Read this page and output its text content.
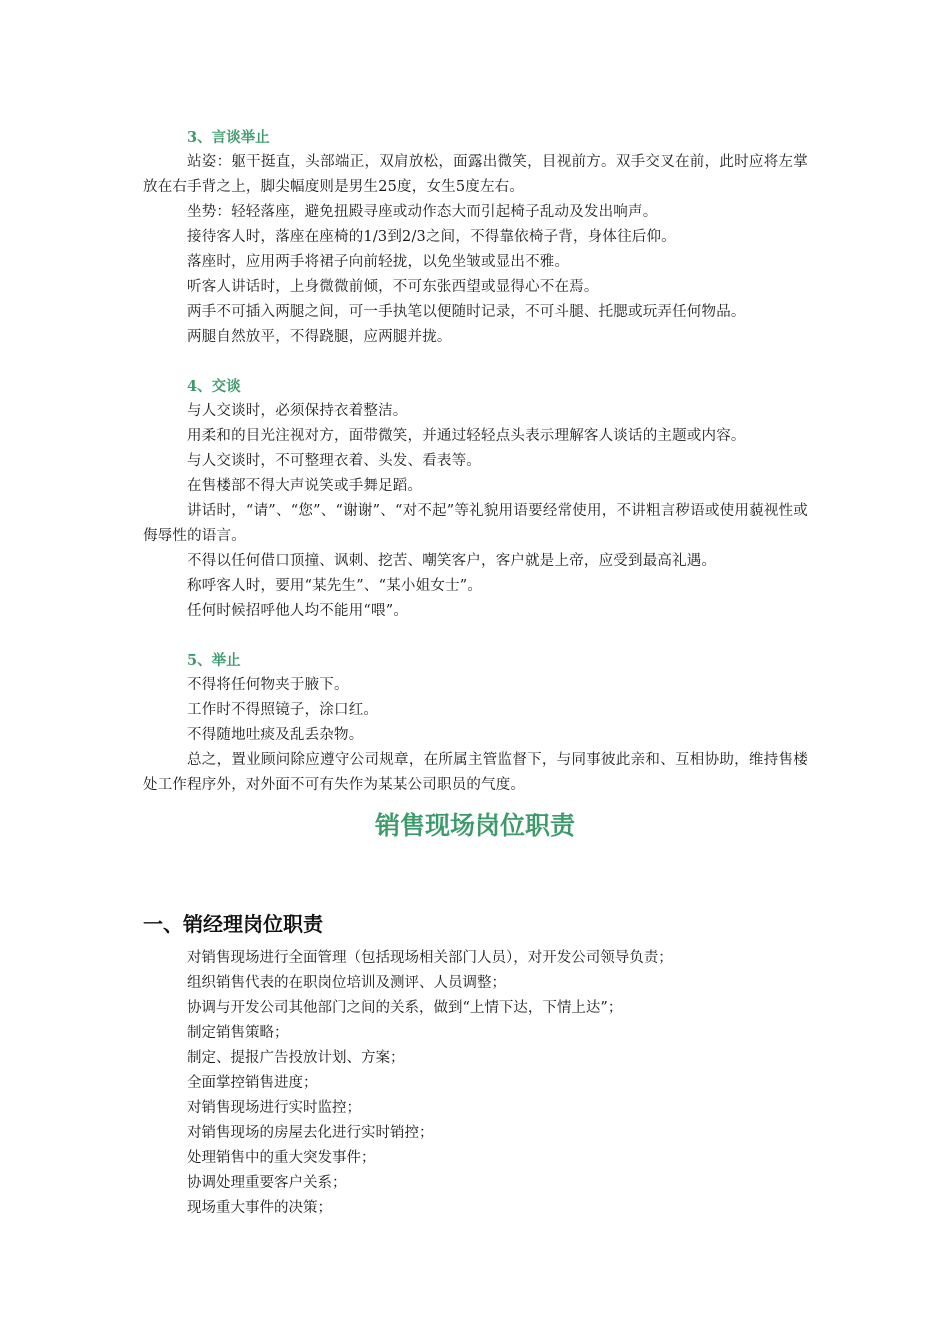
3、言谈举止

站姿：躯干挺直，头部端正，双肩放松，面露出微笑，目视前方。双手交叉在前，此时应将左掌放在右手背之上，脚尖幅度则是男生25度，女生5度左右。

坐势：轻轻落座，避免扭殿寻座或动作态大而引起椅子乱动及发出响声。

接待客人时，落座在座椅的1/3到2/3之间，不得靠依椅子背，身体往后仰。

落座时，应用两手将裙子向前轻拢，以免坐皱或显出不雅。

听客人讲话时，上身微微前倾，不可东张西望或显得心不在焉。

两手不可插入两腿之间，可一手执笔以便随时记录，不可斗腿、托腮或玩弄任何物品。

两腿自然放平，不得跷腿，应两腿并拢。

4、交谈

与人交谈时，必须保持衣着整洁。

用柔和的目光注视对方，面带微笑，并通过轻轻点头表示理解客人谈话的主题或内容。

与人交谈时，不可整理衣着、头发、看表等。

在售楼部不得大声说笑或手舞足蹈。

讲话时，“请”、“您”、“谢谢”、“对不起”等礼貌用语要经常使用，不讲粗言秽语或使用藐视性或侮辱性的语言。

不得以任何借口顶撞、讽刺、挖苦、嘲笑客户，客户就是上帝，应受到最高礼遇。

称呼客人时，要用“某先生”、“某小姐女士”。

任何时候招呼他人均不能用“喂”。

5、举止

不得将任何物夹于腋下。

工作时不得照镜子，涂口红。

不得随地吐痰及乱丢杂物。

总之，置业顾问除应遵守公司规章，在所属主管监督下，与同事彼此亲和、互相协助，维持售楼处工作程序外，对外面不可有失作为某某公司职员的气度。

销售现场岗位职责
一、销经理岗位职责

对销售现场进行全面管理（包括现场相关部门人员），对开发公司领导负责；

组织销售代表的在职岗位培训及测评、人员调整；

协调与开发公司其他部门之间的关系，做到“上情下达，下情上达”；

制定销售策略；

制定、提报广告投放计划、方案；

全面掌控销售进度；

对销售现场进行实时监控；

对销售现场的房屋去化进行实时销控；

处理销售中的重大突发事件；

协调处理重要客户关系；

现场重大事件的决策；
